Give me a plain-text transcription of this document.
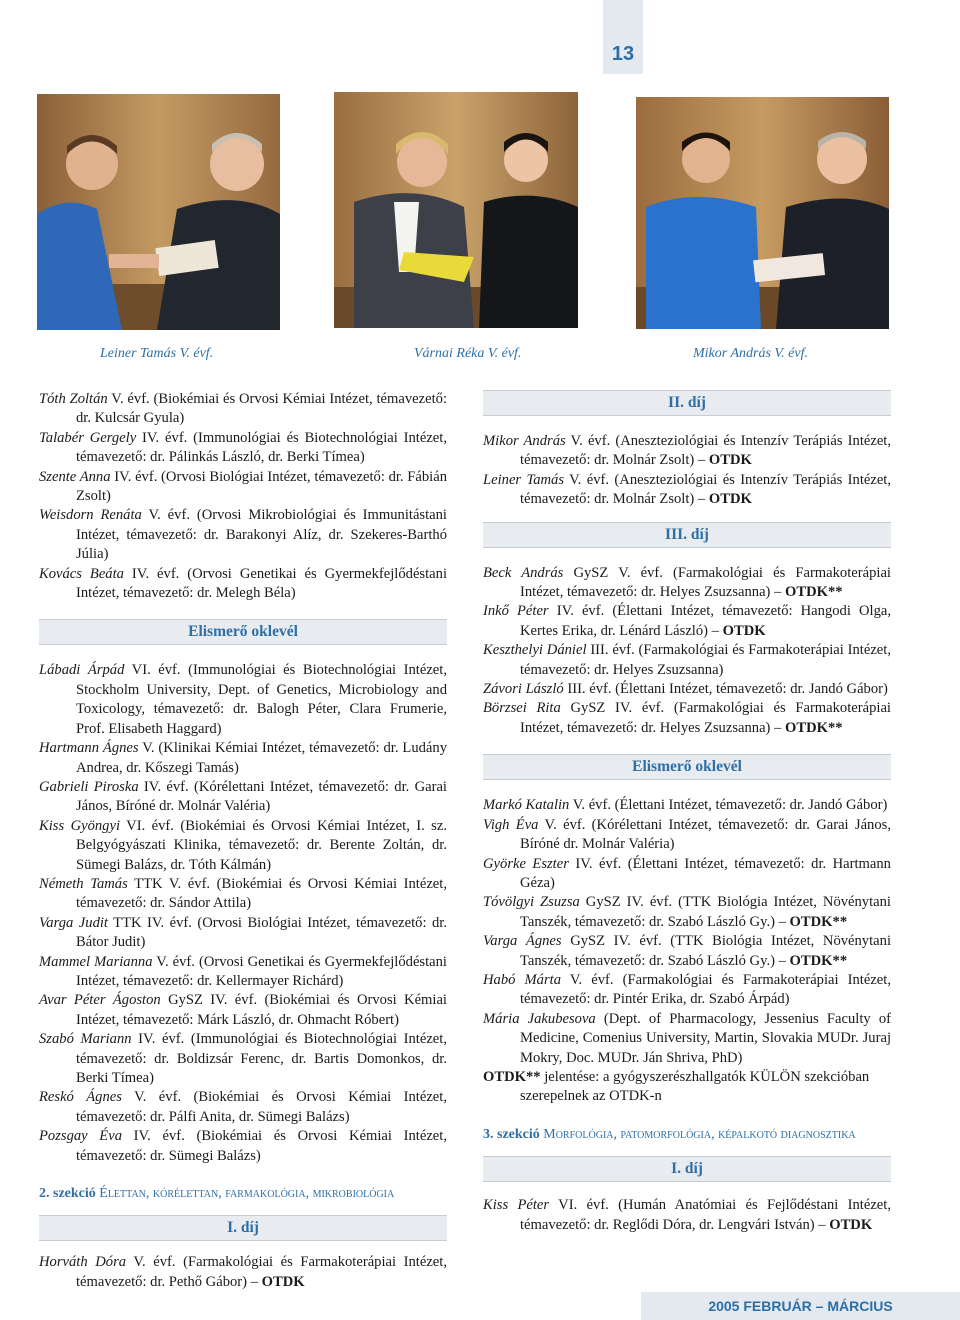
13
Leiner Tamás V. évf.	Várnai Réka V. évf.	Mikor András V. évf.

Tóth Zoltán V. évf. (Biokémiai és Orvosi Kémiai Intézet, témavezető: dr. Kulcsár Gyula)

Talabér Gergely IV. évf. (Immunológiai és Biotechnológiai Intézet, témavezető: dr. Pálinkás László, dr. Berki Tímea)

Szente Anna IV. évf. (Orvosi Biológiai Intézet, témavezető: dr. Fábián Zsolt)

Weisdorn Renáta V. évf. (Orvosi Mikrobiológiai és Immunitástani Intézet, témavezető: dr. Barakonyi Alíz, dr. Szekeres-Barthó Júlia)

Kovács Beáta IV. évf. (Orvosi Genetikai és Gyermekfejlődéstani Intézet, témavezető: dr. Melegh Béla)

Elismerő oklevél

Lábadi Árpád VI. évf. (Immunológiai és Biotechnológiai Intézet, Stockholm University, Dept. of Genetics, Microbiology and Toxicology, témavezető: dr. Balogh Péter, Clara Frumerie, Prof. Elisabeth Haggard)

Hartmann Ágnes V. (Klinikai Kémiai Intézet, témavezető: dr. Ludány Andrea, dr. Kőszegi Tamás)

Gabrieli Piroska IV. évf. (Kórélettani Intézet, témavezető: dr. Garai János, Bíróné dr. Molnár Valéria)

Kiss Gyöngyi VI. évf. (Biokémiai és Orvosi Kémiai Intézet, I. sz. Belgyógyászati Klinika, témavezető: dr. Berente Zoltán, dr. Sümegi Balázs, dr. Tóth Kálmán)

Németh Tamás TTK V. évf. (Biokémiai és Orvosi Kémiai Intézet, témavezető: dr. Sándor Attila)

Varga Judit TTK IV. évf. (Orvosi Biológiai Intézet, témavezető: dr. Bátor Judit)

Mammel Marianna V. évf. (Orvosi Genetikai és Gyermekfejlődéstani Intézet, témavezető: dr. Kellermayer Richárd)

Avar Péter Ágoston GySZ IV. évf. (Biokémiai és Orvosi Kémiai Intézet, témavezető: Márk László, dr. Ohmacht Róbert)

Szabó Mariann IV. évf. (Immunológiai és Biotechnológiai Intézet, témavezető: dr. Boldizsár Ferenc, dr. Bartis Domonkos, dr. Berki Tímea)

Reskó Ágnes V. évf. (Biokémiai és Orvosi Kémiai Intézet, témavezető: dr. Pálfi Anita, dr. Sümegi Balázs)

Pozsgay Éva IV. évf. (Biokémiai és Orvosi Kémiai Intézet, témavezető: dr. Sümegi Balázs)

2. szekció Élettan, kórélettan, farmakológia, mikrobiológia
I. díj

Horváth Dóra V. évf. (Farmakológiai és Farmakoterápiai Intézet, témavezető: dr. Pethő Gábor) – OTDK

II. díj

Mikor András V. évf. (Aneszteziológiai és Intenzív Terápiás Intézet, témavezető: dr. Molnár Zsolt) – OTDK

Leiner Tamás V. évf. (Aneszteziológiai és Intenzív Terápiás Intézet, témavezető: dr. Molnár Zsolt) – OTDK

III. díj

Beck András GySZ V. évf. (Farmakológiai és Farmakoterápiai Intézet, témavezető: dr. Helyes Zsuzsanna) – OTDK**

Inkő Péter IV. évf. (Élettani Intézet, témavezető: Hangodi Olga, Kertes Erika, dr. Lénárd László) – OTDK

Keszthelyi Dániel III. évf. (Farmakológiai és Farmakoterápiai Intézet, témavezető: dr. Helyes Zsuzsanna)

Závori László III. évf. (Élettani Intézet, témavezető: dr. Jandó Gábor)

Börzsei Rita GySZ IV. évf. (Farmakológiai és Farmakoterápiai Intézet, témavezető: dr. Helyes Zsuzsanna) – OTDK**

Elismerő oklevél

Markó Katalin V. évf. (Élettani Intézet, témavezető: dr. Jandó Gábor)

Vigh Éva V. évf. (Kórélettani Intézet, témavezető: dr. Garai János, Bíróné dr. Molnár Valéria)

Györke Eszter IV. évf. (Élettani Intézet, témavezető: dr. Hartmann Géza)

Tóvölgyi Zsuzsa GySZ IV. évf. (TTK Biológia Intézet, Növénytani Tanszék, témavezető: dr. Szabó László Gy.) – OTDK**

Varga Ágnes GySZ IV. évf. (TTK Biológia Intézet, Növénytani Tanszék, témavezető: dr. Szabó László Gy.) – OTDK**

Habó Márta V. évf. (Farmakológiai és Farmakoterápiai Intézet, témavezető: dr. Pintér Erika, dr. Szabó Árpád)

Mária Jakubesova (Dept. of Pharmacology, Jessenius Faculty of Medicine, Comenius University, Martin, Slovakia MUDr. Juraj Mokry, Doc. MUDr. Ján Shriva, PhD)

OTDK** jelentése: a gyógyszerészhallgatók KÜLÖN szekcióban szerepelnek az OTDK-n

3. szekció Morfológia, patomorfológia, képalkotó diagnosztika
I. díj

Kiss Péter VI. évf. (Humán Anatómiai és Fejlődéstani Intézet, témavezető: dr. Reglődi Dóra, dr. Lengvári István) – OTDK

2005 FEBRUÁR – MÁRCIUS
